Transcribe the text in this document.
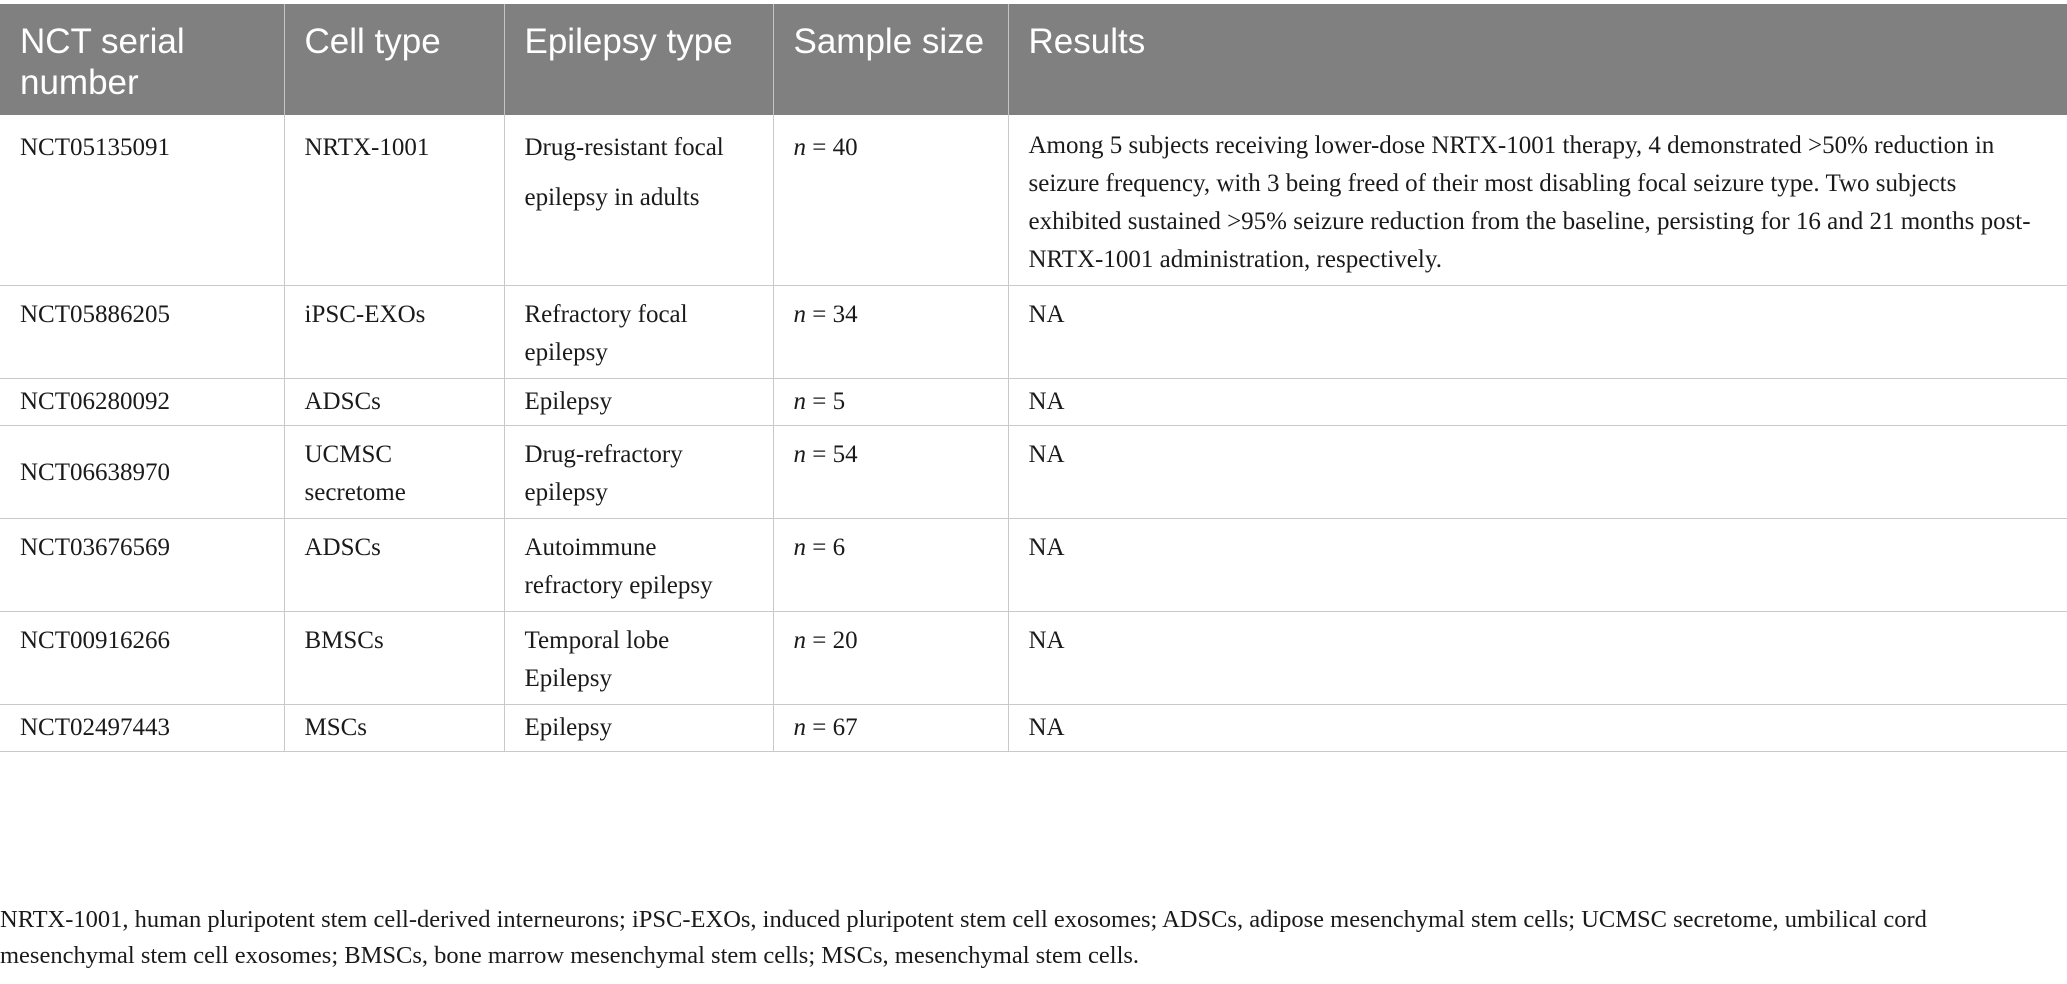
NCT serial number	Cell type	Epilepsy type	Sample size	Results
NCT05135091	NRTX-1001	Drug-resistant focal epilepsy in adults	n = 40	Among 5 subjects receiving lower-dose NRTX-1001 therapy, 4 demonstrated >50% reduction in seizure frequency, with 3 being freed of their most disabling focal seizure type. Two subjects exhibited sustained >95% seizure reduction from the baseline, persisting for 16 and 21 months post-NRTX-1001 administration, respectively.
NCT05886205	iPSC-EXOs	Refractory focal epilepsy	n = 34	NA
NCT06280092	ADSCs	Epilepsy	n = 5	NA
NCT06638970	UCMSC secretome	Drug-refractory epilepsy	n = 54	NA
NCT03676569	ADSCs	Autoimmune refractory epilepsy	n = 6	NA
NCT00916266	BMSCs	Temporal lobe Epilepsy	n = 20	NA
NCT02497443	MSCs	Epilepsy	n = 67	NA
NRTX-1001, human pluripotent stem cell-derived interneurons; iPSC-EXOs, induced pluripotent stem cell exosomes; ADSCs, adipose mesenchymal stem cells; UCMSC secretome, umbilical cord mesenchymal stem cell exosomes; BMSCs, bone marrow mesenchymal stem cells; MSCs, mesenchymal stem cells.
